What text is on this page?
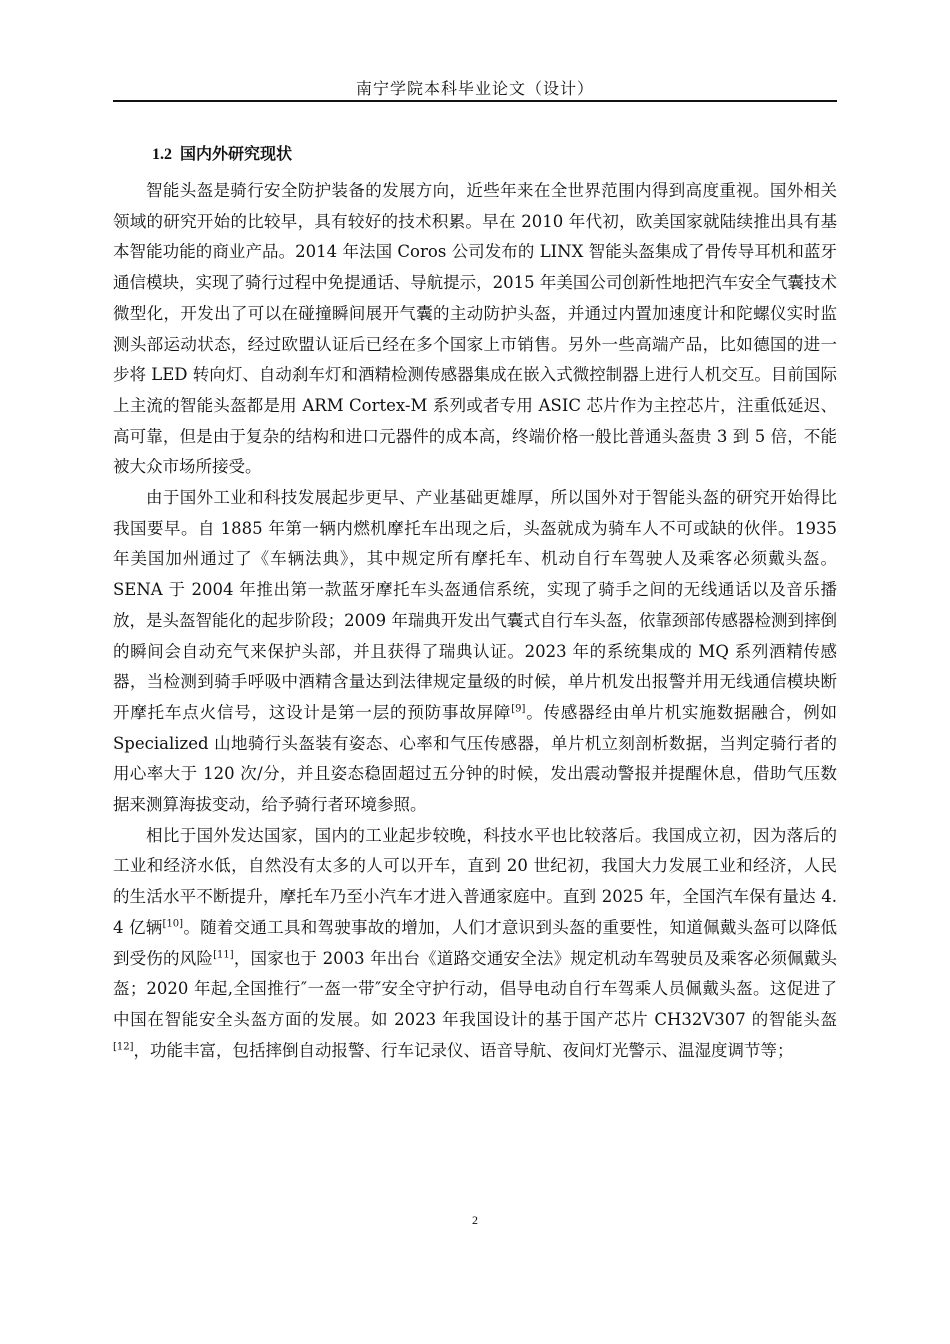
南宁学院本科毕业论文（设计）
1.2 国内外研究现状

智能头盔是骑行安全防护装备的发展方向，近些年来在全世界范围内得到高度重视。国外相关领域的研究开始的比较早，具有较好的技术积累。早在 2010 年代初，欧美国家就陆续推出具有基本智能功能的商业产品。2014 年法国 Coros 公司发布的 LINX 智能头盔集成了骨传导耳机和蓝牙通信模块，实现了骑行过程中免提通话、导航提示，2015 年美国公司创新性地把汽车安全气囊技术微型化，开发出了可以在碰撞瞬间展开气囊的主动防护头盔，并通过内置加速度计和陀螺仪实时监测头部运动状态，经过欧盟认证后已经在多个国家上市销售。另外一些高端产品，比如德国的进一步将 LED 转向灯、自动刹车灯和酒精检测传感器集成在嵌入式微控制器上进行人机交互。目前国际上主流的智能头盔都是用 ARM Cortex-M 系列或者专用 ASIC 芯片作为主控芯片，注重低延迟、高可靠，但是由于复杂的结构和进口元器件的成本高，终端价格一般比普通头盔贵 3 到 5 倍，不能被大众市场所接受。

由于国外工业和科技发展起步更早、产业基础更雄厚，所以国外对于智能头盔的研究开始得比我国要早。自 1885 年第一辆内燃机摩托车出现之后，头盔就成为骑车人不可或缺的伙伴。1935 年美国加州通过了《车辆法典》，其中规定所有摩托车、机动自行车驾驶人及乘客必须戴头盔。SENA 于 2004 年推出第一款蓝牙摩托车头盔通信系统，实现了骑手之间的无线通话以及音乐播放，是头盔智能化的起步阶段；2009 年瑞典开发出气囊式自行车头盔，依靠颈部传感器检测到摔倒的瞬间会自动充气来保护头部，并且获得了瑞典认证。2023 年的系统集成的 MQ 系列酒精传感器，当检测到骑手呼吸中酒精含量达到法律规定量级的时候，单片机发出报警并用无线通信模块断开摩托车点火信号，这设计是第一层的预防事故屏障[9]。传感器经由单片机实施数据融合，例如 Specialized 山地骑行头盔装有姿态、心率和气压传感器，单片机立刻剖析数据，当判定骑行者的用心率大于 120 次/分，并且姿态稳固超过五分钟的时候，发出震动警报并提醒休息，借助气压数据来测算海拔变动，给予骑行者环境参照。

相比于国外发达国家，国内的工业起步较晚，科技水平也比较落后。我国成立初，因为落后的工业和经济水低，自然没有太多的人可以开车，直到 20 世纪初，我国大力发展工业和经济，人民的生活水平不断提升，摩托车乃至小汽车才进入普通家庭中。直到 2025 年，全国汽车保有量达 4. 4 亿辆[10]。随着交通工具和驾驶事故的增加，人们才意识到头盔的重要性，知道佩戴头盔可以降低到受伤的风险[11]，国家也于 2003 年出台《道路交通安全法》规定机动车驾驶员及乘客必须佩戴头盔；2020 年起,全国推行″一盔一带″安全守护行动，倡导电动自行车驾乘人员佩戴头盔。这促进了中国在智能安全头盔方面的发展。如 2023 年我国设计的基于国产芯片 CH32V307 的智能头盔[12]，功能丰富，包括摔倒自动报警、行车记录仪、语音导航、夜间灯光警示、温湿度调节等；

2
